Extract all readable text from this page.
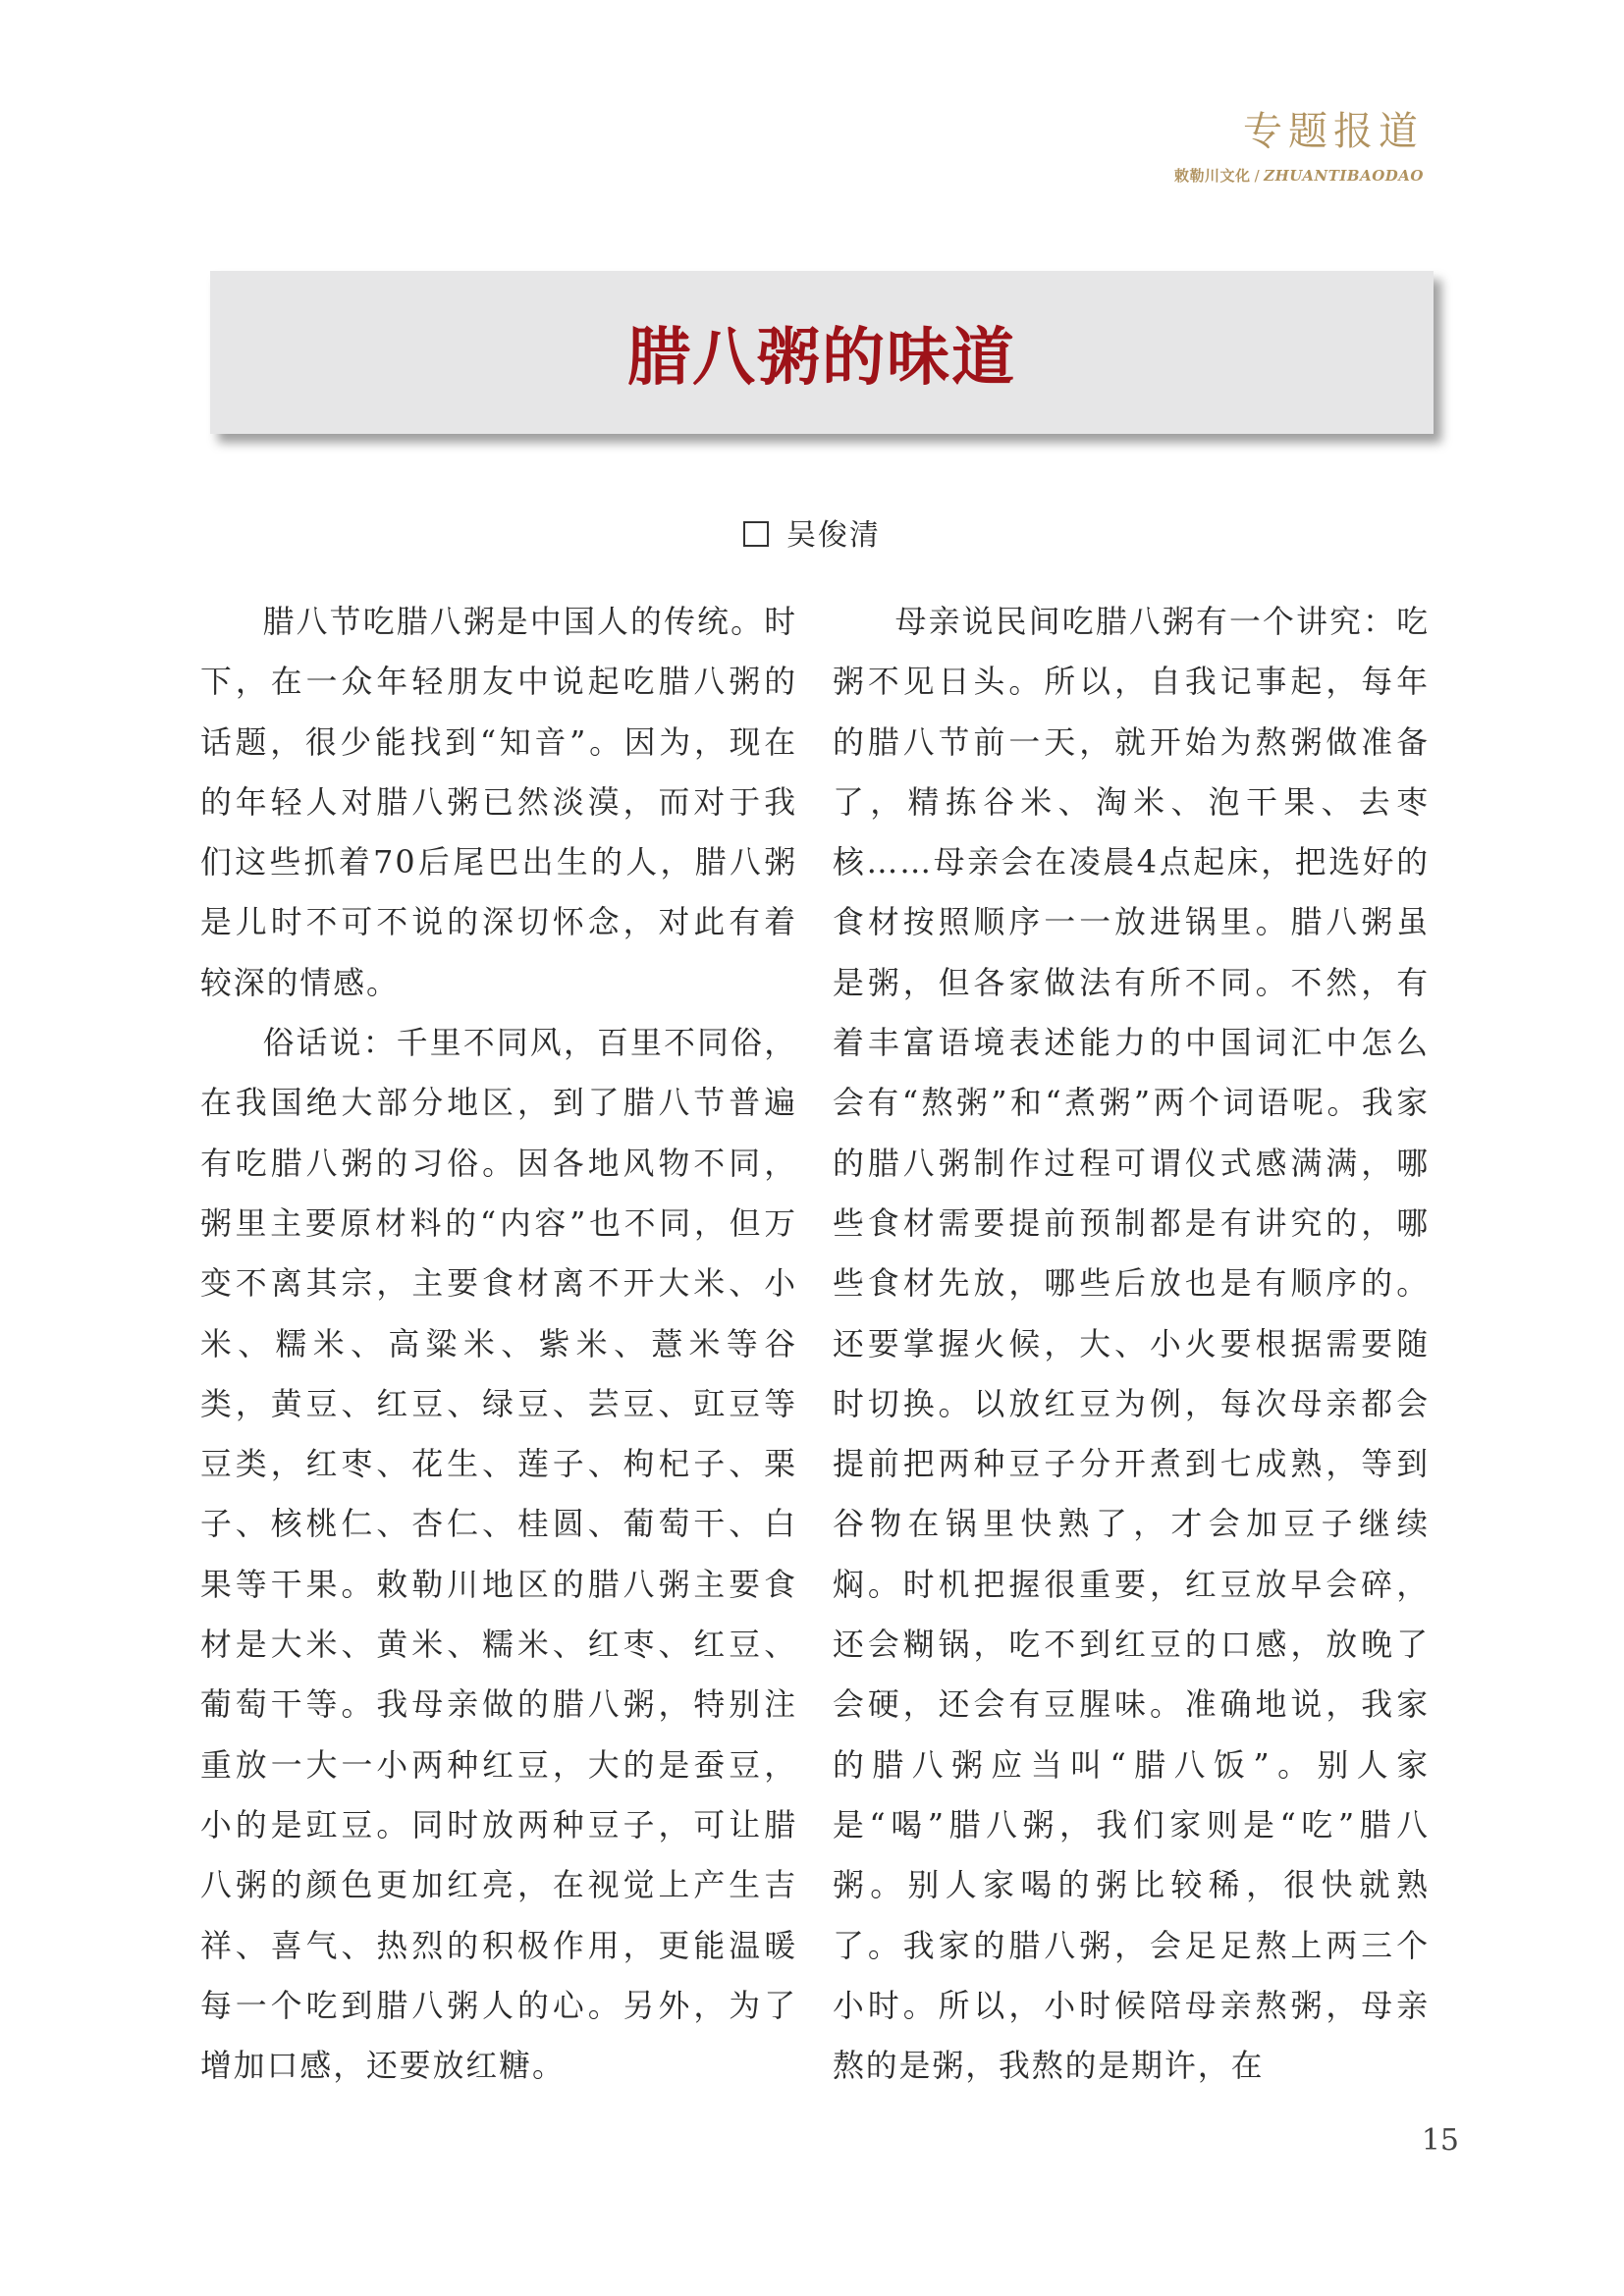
专题报道
敕勒川文化 / ZHUANTIBAODAO
腊八粥的味道
吴俊清

腊八节吃腊八粥是中国人的传统。时下，在一众年轻朋友中说起吃腊八粥的话题，很少能找到“知音”。因为，现在的年轻人对腊八粥已然淡漠，而对于我们这些抓着70后尾巴出生的人，腊八粥是儿时不可不说的深切怀念，对此有着较深的情感。

俗话说：千里不同风，百里不同俗，在我国绝大部分地区，到了腊八节普遍有吃腊八粥的习俗。因各地风物不同，粥里主要原材料的“内容”也不同，但万变不离其宗，主要食材离不开大米、小米、糯米、高粱米、紫米、薏米等谷类，黄豆、红豆、绿豆、芸豆、豇豆等豆类，红枣、花生、莲子、枸杞子、栗子、核桃仁、杏仁、桂圆、葡萄干、白果等干果。敕勒川地区的腊八粥主要食材是大米、黄米、糯米、红枣、红豆、葡萄干等。我母亲做的腊八粥，特别注重放一大一小两种红豆，大的是蚕豆，小的是豇豆。同时放两种豆子，可让腊八粥的颜色更加红亮，在视觉上产生吉祥、喜气、热烈的积极作用，更能温暖每一个吃到腊八粥人的心。另外，为了增加口感，还要放红糖。

母亲说民间吃腊八粥有一个讲究：吃粥不见日头。所以，自我记事起，每年的腊八节前一天，就开始为熬粥做准备了，精拣谷米、淘米、泡干果、去枣核……母亲会在凌晨4点起床，把选好的食材按照顺序一一放进锅里。腊八粥虽是粥，但各家做法有所不同。不然，有着丰富语境表述能力的中国词汇中怎么会有“熬粥”和“煮粥”两个词语呢。我家的腊八粥制作过程可谓仪式感满满，哪些食材需要提前预制都是有讲究的，哪些食材先放，哪些后放也是有顺序的。还要掌握火候，大、小火要根据需要随时切换。以放红豆为例，每次母亲都会提前把两种豆子分开煮到七成熟，等到谷物在锅里快熟了，才会加豆子继续焖。时机把握很重要，红豆放早会碎，还会糊锅，吃不到红豆的口感，放晚了会硬，还会有豆腥味。准确地说，我家的腊八粥应当叫“腊八饭”。别人家是“喝”腊八粥，我们家则是“吃”腊八粥。别人家喝的粥比较稀，很快就熟了。我家的腊八粥，会足足熬上两三个小时。所以，小时候陪母亲熬粥，母亲熬的是粥，我熬的是期许，在

15
